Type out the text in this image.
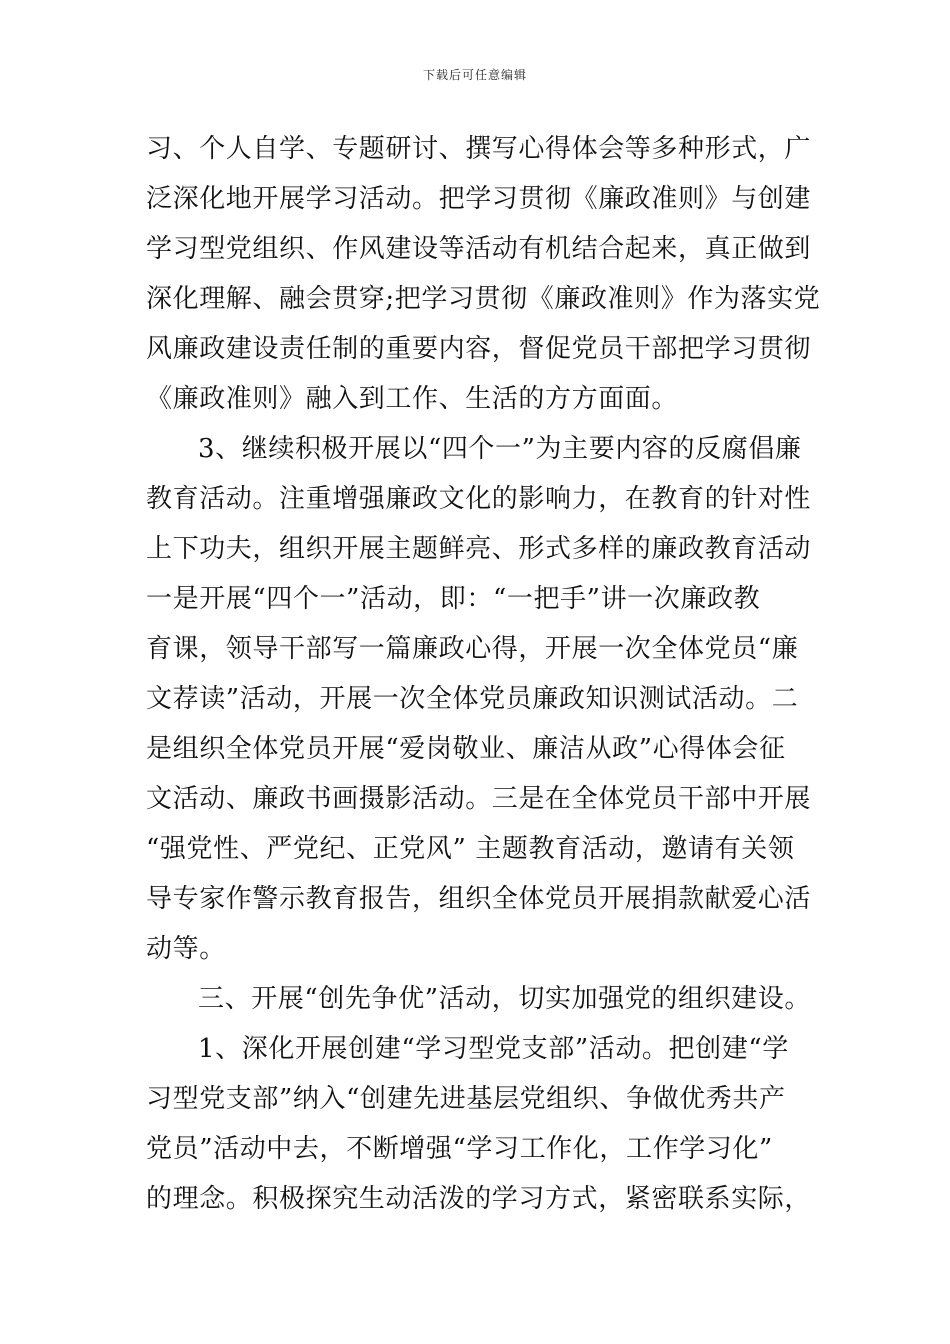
下载后可任意编辑
习、个人自学、专题研讨、撰写心得体会等多种形式，广
泛深化地开展学习活动。把学习贯彻《廉政准则》与创建
学习型党组织、作风建设等活动有机结合起来，真正做到
深化理解、融会贯穿;把学习贯彻《廉政准则》作为落实党
风廉政建设责任制的重要内容，督促党员干部把学习贯彻
《廉政准则》融入到工作、生活的方方面面。
3、继续积极开展以“四个一”为主要内容的反腐倡廉
教育活动。注重增强廉政文化的影响力，在教育的针对性
上下功夫，组织开展主题鲜亮、形式多样的廉政教育活动
一是开展“四个一”活动，即：“一把手”讲一次廉政教
育课，领导干部写一篇廉政心得，开展一次全体党员“廉
文荐读”活动，开展一次全体党员廉政知识测试活动。二
是组织全体党员开展“爱岗敬业、廉洁从政”心得体会征
文活动、廉政书画摄影活动。三是在全体党员干部中开展
“强党性、严党纪、正党风” 主题教育活动，邀请有关领
导专家作警示教育报告，组织全体党员开展捐款献爱心活
动等。
三、开展“创先争优”活动，切实加强党的组织建设。
1、深化开展创建“学习型党支部”活动。把创建“学
习型党支部”纳入“创建先进基层党组织、争做优秀共产
党员”活动中去，不断增强“学习工作化，工作学习化”
的理念。积极探究生动活泼的学习方式，紧密联系实际，
